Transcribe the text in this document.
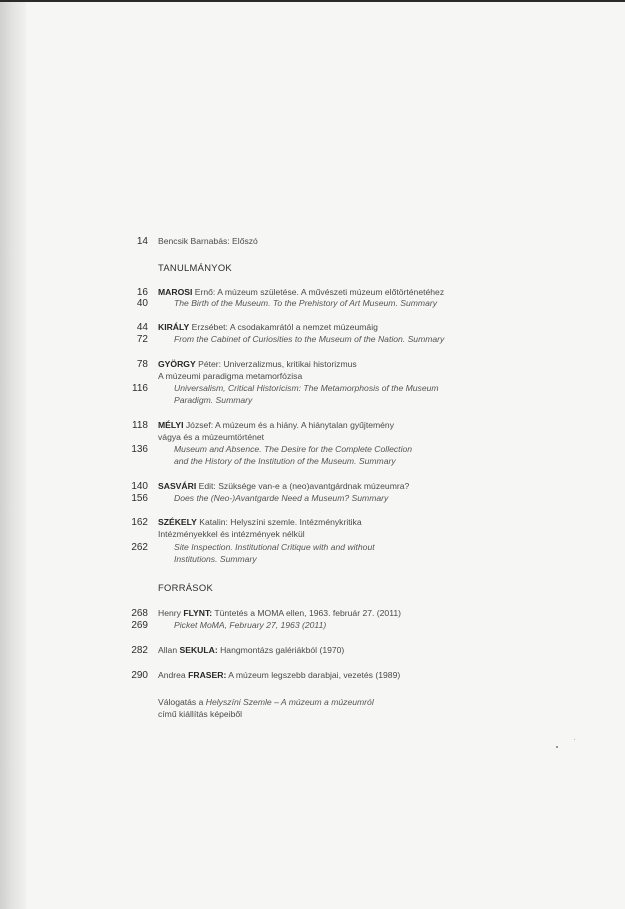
14 Bencsik Barnabás: Előszó
TANULMÁNYOK
16 MAROSI Ernő: A múzeum születése. A művészeti múzeum előtörténetéhez
40	The Birth of the Museum. To the Prehistory of Art Museum. Summary
44 KIRÁLY Erzsébet: A csodakamrától a nemzet múzeumáig
72	From the Cabinet of Curiosities to the Museum of the Nation. Summary
78 GYÖRGY Péter: Univerzalizmus, kritikai historizmus
A múzeumi paradigma metamorfózisa
116	Universalism, Critical Historicism: The Metamorphosis of the Museum
Paradigm. Summary
118 MÉLYI József: A múzeum és a hiány. A hiánytalan gyűjtemény
vágya és a múzeumtörténet
136	Museum and Absence. The Desire for the Complete Collection
and the History of the Institution of the Museum. Summary
140 SASVÁRI Edit: Szüksége van-e a (neo)avantgárdnak múzeumra?
156	Does the (Neo-)Avantgarde Need a Museum? Summary
162 SZÉKELY Katalin: Helyszíni szemle. Intézménykritika
Intézményekkel és intézmények nélkül
262	Site Inspection. Institutional Critique with and without
Institutions. Summary
FORRÁSOK
268 Henry FLYNT: Tüntetés a MOMA ellen, 1963. február 27. (2011)
269	Picket MoMA, February 27, 1963 (2011)
282 Allan SEKULA: Hangmontázs galériákból (1970)
290 Andrea FRASER: A múzeum legszebb darabjai, vezetés (1989)
Válogatás a Helyszíni Szemle – A múzeum a múzeumról
című kiállítás képeiből
